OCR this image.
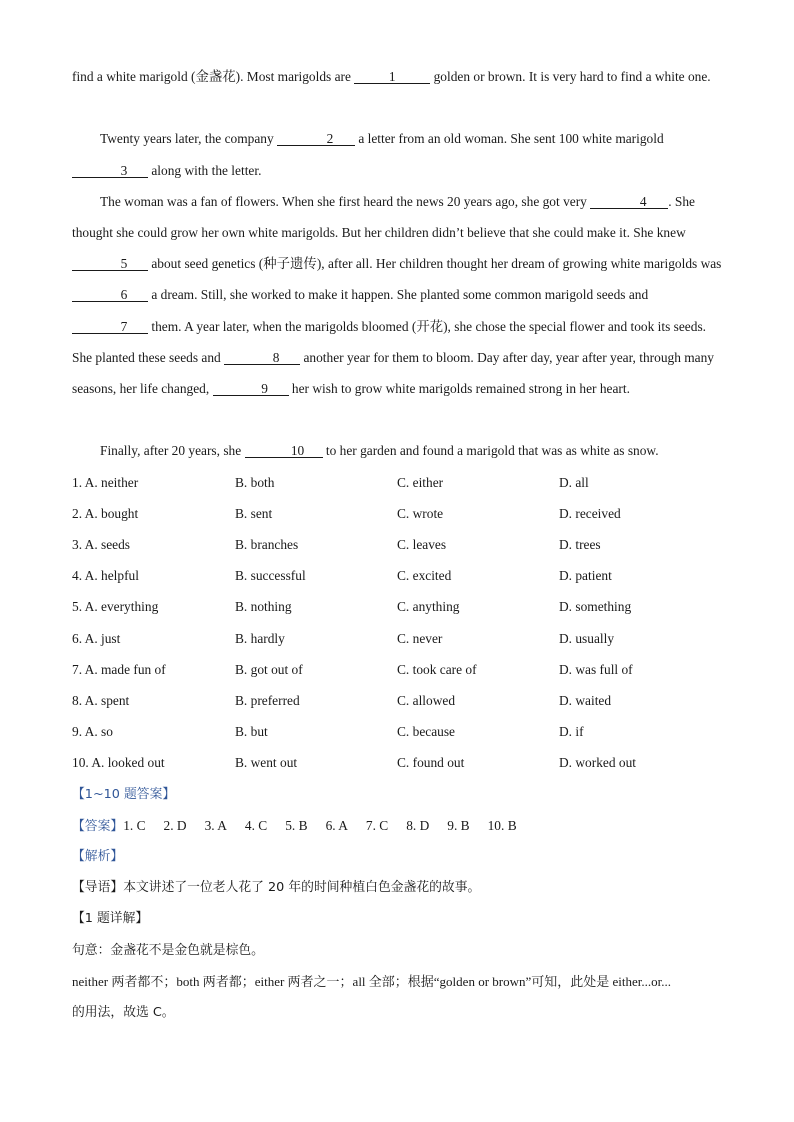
find a white marigold (金盏花). Most marigolds are	1	golden or brown. It is very hard to find a white one.
Twenty years later, the company	2 a letter from an old woman. She sent 100 white marigold 3 along with the letter.
The woman was a fan of flowers. When she first heard the news 20 years ago, she got very	4 . She thought she could grow her own white marigolds. But her children didn’t believe that she could make it. She knew5 about seed genetics (种子遗传), after all. Her children thought her dream of growing white marigolds was 6 a dream. Still, she worked to make it happen. She planted some common marigold seeds and 7 them. A year later, when the marigolds bloomed (开花), she chose the special flower and took its seeds. She planted these seeds and	8 another year for them to bloom. Day after day, year after year, through many seasons, her life changed,	9 her wish to grow white marigolds remained strong in her heart.
Finally, after 20 years, she	10 to her garden and found a marigold that was as white as snow.
1. A. neither	B. both	C. either	D. all
2. A. bought	B. sent	C. wrote	D. received
3. A. seeds	B. branches	C. leaves	D. trees
4. A. helpful	B. successful	C. excited	D. patient
5. A. everything	B. nothing	C. anything	D. something
6. A. just	B. hardly	C. never	D. usually
7. A. made fun of	B. got out of	C. took care of	D. was full of
8. A. spent	B. preferred	C. allowed	D. waited
9. A. so	B. but	C. because	D. if
10. A. looked out	B. went out	C. found out	D. worked out
【1~10 题答案】
【答案】1. C 2. D 3. A 4. C 5. B 6. A 7. C 8. D 9. B 10. B
【解析】
【导语】本文讲述了一位老人花了 20 年的时间种植白色金盏花的故事。
【1 题详解】
句意：金盏花不是金色就是棕色。
neither 两者都不；both 两者都；either 两者之一；all 全部；根据“golden or brown”可知，此处是 either...or...
的用法，故选 C。
